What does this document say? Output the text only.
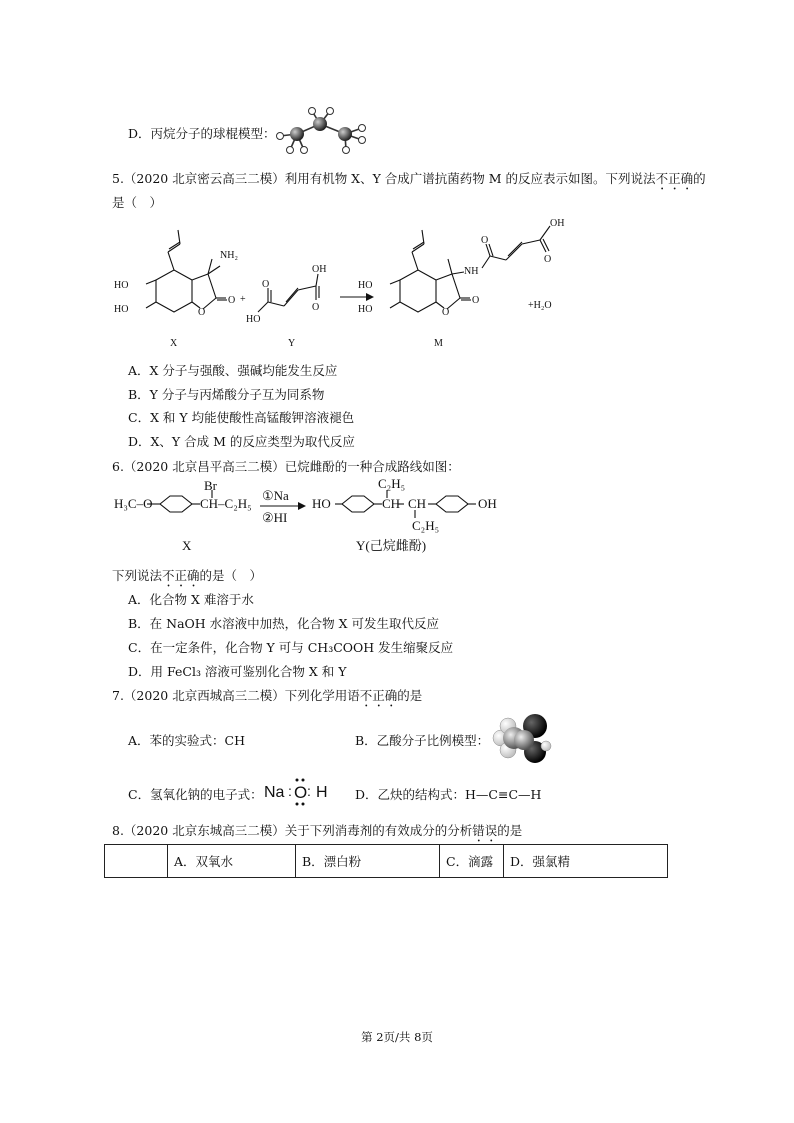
D．丙烷分子的球棍模型：
5.（2020 北京密云高三二模）利用有机物 X、Y 合成广谱抗菌药物 M 的反应表示如图。下列说法不正确的
是（　）
NH₂
O
O
HO
HO
X
+
HO
O
O
OH
Y
HO
HO	O
O
NH
O
O
OH
M
+H₂O
A．X 分子与强酸、强碱均能发生反应
B．Y 分子与丙烯酸分子互为同系物
C．X 和 Y 均能使酸性高锰酸钾溶液褪色
D．X、Y 合成 M 的反应类型为取代反应
6.（2020 北京昌平高三二模）已烷雌酚的一种合成路线如图：
H₃C–O
Br
CH–C₂H₅
①Na
②HI
HO	CH CH
C₂H₅
C₂H₅
OH
X	Y(己烷雌酚)
下列说法不正确的是（　）
A．化合物 X 难溶于水
B．在 NaOH 水溶液中加热，化合物 X 可发生取代反应
C．在一定条件，化合物 Y 可与 CH₃COOH 发生缩聚反应
D．用 FeCl₃ 溶液可鉴别化合物 X 和 Y
7.（2020 北京西城高三二模）下列化学用语不正确的是
A．苯的实验式：CH	B．乙酸分子比例模型：
C．氢氧化钠的电子式： Na : O : H D．乙炔的结构式：H—C≡C—H
8.（2020 北京东城高三二模）关于下列消毒剂的有效成分的分析错误的是
	A．双氧水	B．漂白粉	C．滴露	D．强氯精
第 2页/共 8页
